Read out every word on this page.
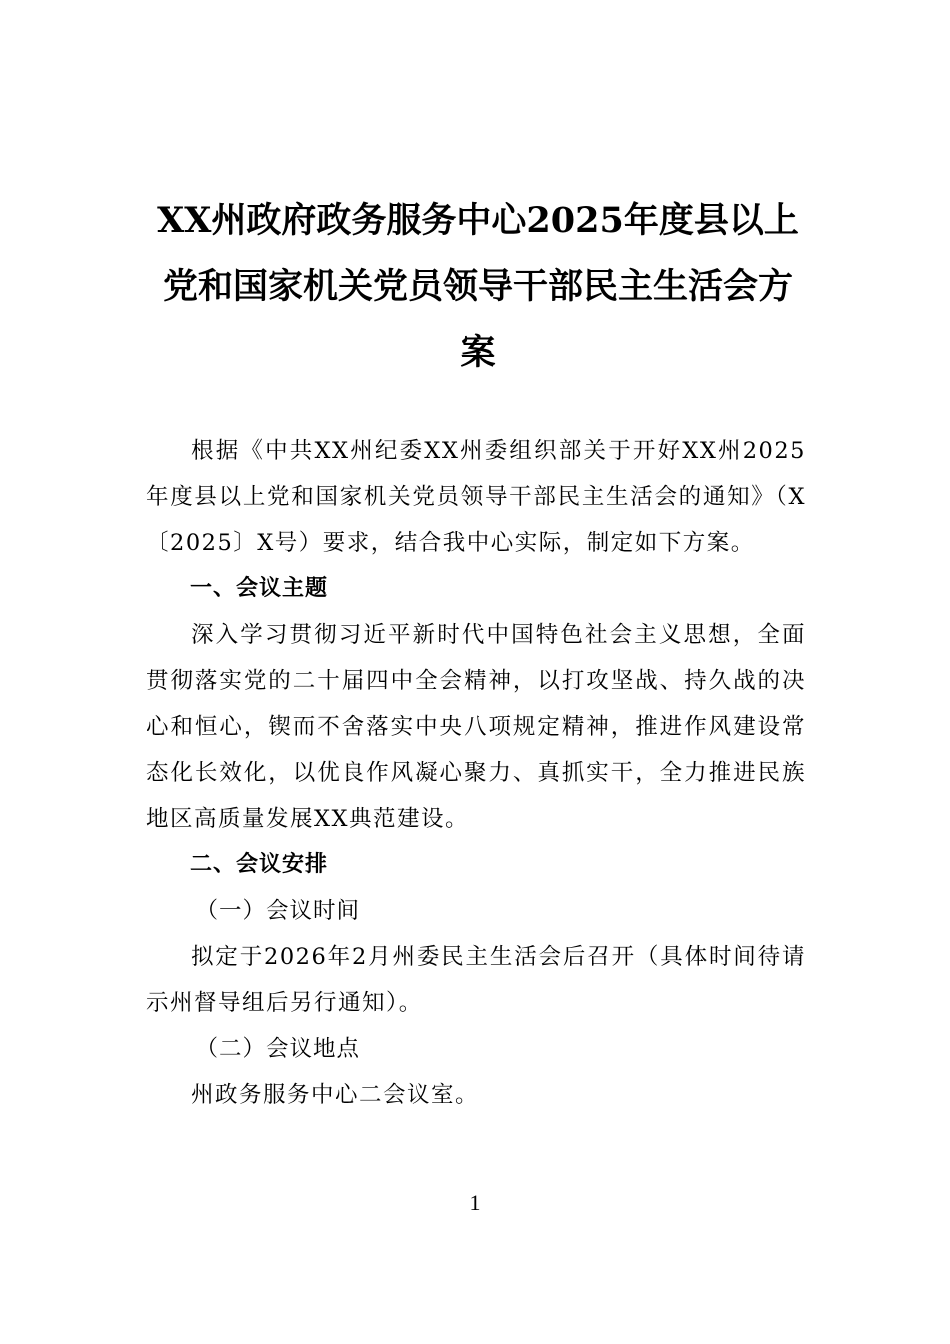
XX州政府政务服务中心2025年度县以上党和国家机关党员领导干部民主生活会方案

根据《中共XX州纪委XX州委组织部关于开好XX州2025年度县以上党和国家机关党员领导干部民主生活会的通知》（X〔2025〕X号）要求，结合我中心实际，制定如下方案。

一、会议主题

深入学习贯彻习近平新时代中国特色社会主义思想，全面贯彻落实党的二十届四中全会精神，以打攻坚战、持久战的决心和恒心，锲而不舍落实中央八项规定精神，推进作风建设常态化长效化，以优良作风凝心聚力、真抓实干，全力推进民族地区高质量发展XX典范建设。

二、会议安排

（一）会议时间

拟定于2026年2月州委民主生活会后召开（具体时间待请示州督导组后另行通知）。

（二）会议地点

州政务服务中心二会议室。

1
